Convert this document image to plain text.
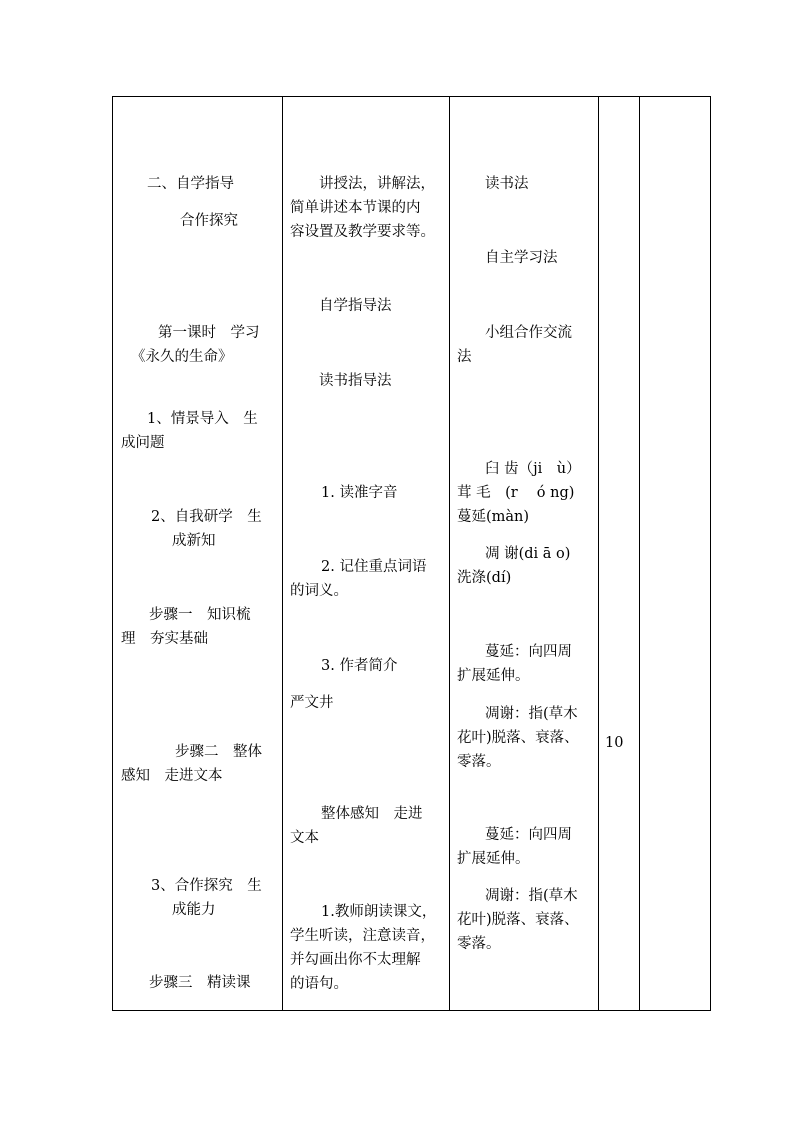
二、自学指导
合作探究
第一课时　学习
《永久的生命》
1、情景导入　生
成问题
2、自我研学　生
成新知
步骤一　知识梳
理　夯实基础
步骤二　整体
感知　走进文本
3、合作探究　生
成能力
步骤三　精读课

讲授法，讲解法，
简单讲述本节课的内
容设置及教学要求等。
自学指导法
读书指导法
1. 读准字音
2. 记住重点词语
的词义。
3. 作者简介
严文井
整体感知　走进
文本
1.教师朗读课文，
学生听读，注意读音，
并勾画出你不太理解
的语句。

读书法
自主学习法
小组合作交流
法
臼 齿（ji　ù）
茸 毛　(r　 ó ng)
蔓延(màn)
凋 谢(di ā o)
洗涤(dí)
蔓延：向四周
扩展延伸。
凋谢：指(草木
花叶)脱落、衰落、
零落。
蔓延：向四周
扩展延伸。
凋谢：指(草木
花叶)脱落、衰落、
零落。

10
